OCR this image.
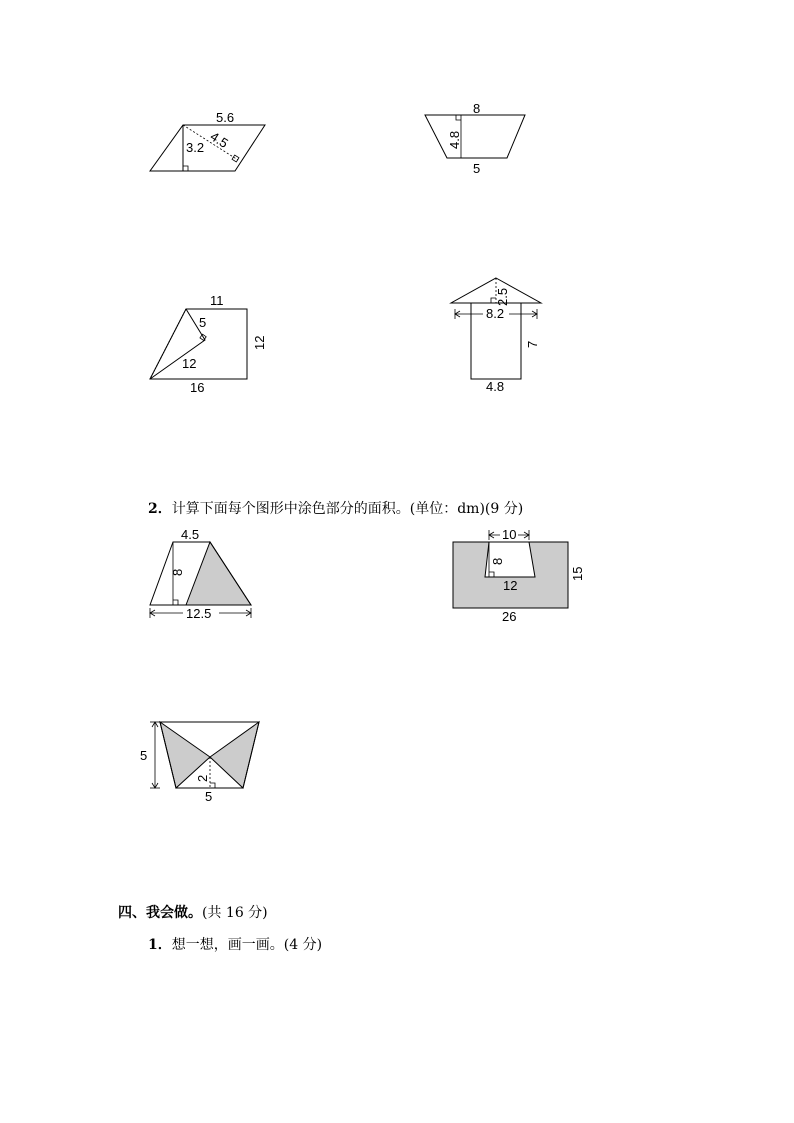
5.6
3.2 4.5
8
4.8
5
11
5
12
12
16
2.5
8.2
7
4.8
2．计算下面每个图形中涂色部分的面积。(单位：dm)(9 分)
4.5
8
12.5
10
8
12
15
26
2
5
5
四、我会做。(共 16 分)
1．想一想，画一画。(4 分)
